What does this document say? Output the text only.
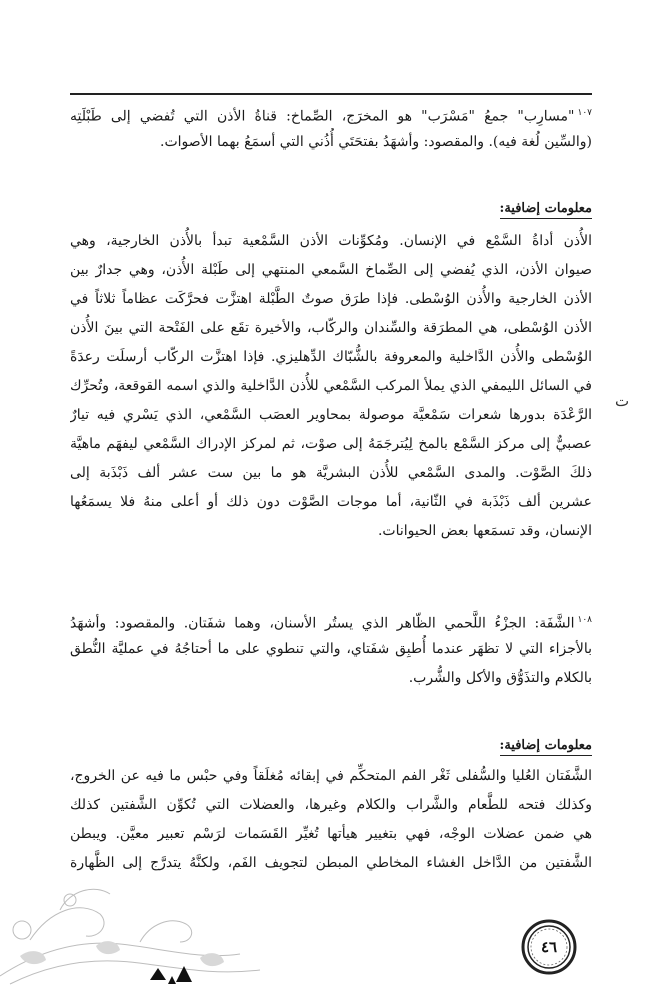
$^{١٠٧}$"مسارِب" جمعُ "مَسْرَب" هو المخرَج، الصِّماخ: قناةُ الأذن التي تُفضي إلى طَبْلَتِه
(والسِّين لُغة فيه). والمقصود: وأشهَدُ بفتحَتَي أُذُني التي أسمَعُ بهما الأصوات.
معلومات إضافية:
الأُذن أداةُ السَّمْع في الإنسان. ومُكوِّنات الأذن السَّمْعية تبدأ بالأُذن الخارجية، وهي
صيوان الأذن، الذي يُفضي إلى الصِّماخ السَّمعي المنتهي إلى طَبْلة الأُذن، وهي جدارٌ بين
الأذن الخارجية والأُذن الوُسْطى. فإذا طرَق صوتٌ الطَّبْلة اهتزَّت فحرَّكَت عظاماً ثلاثاً في
الأذن الوُسْطى، هي المطرَقة والسِّندان والركّاب، والأخيرة تقَع على الفَتْحة التي بينَ الأُذن
الوُسْطى والأُذن الدَّاخلية والمعروفة بالشُّبّاك الدِّهليزي. فإذا اهتزَّت الركّاب أرسلَت رعدَةً
في السائل الليمفي الذي يملأ المركب السَّمْعي للأُذن الدَّاخلية والذي اسمه القوقعة، وتُحرِّك
الرَّعْدَة بدورها شعرات سَمْعيَّة موصولة بمحاوير العصَب السَّمْعي، الذي يَسْري فيه تيارٌ
عصبيٌّ إلى مركز السَّمْع بالمخ لِيُترجَمَهُ إلى صوْت، ثم لمركز الإدراك السَّمْعي ليفهَم ماهيَّة
ذلكَ الصَّوْت. والمدى السَّمْعي للأُذن البشريَّة هو ما بين ست عشر ألف ذَبْذَبة إلى
عشرين ألف ذَبْذَبة في الثّانية، أما موجات الصَّوْت دون ذلك أو أعلى منهُ فلا يسمَعُها
الإنسان، وقد تسمَعها بعض الحيوانات.
ت
$^{١٠٨}$الشَّفَة: الجزْءُ اللَّحمي الظّاهر الذي يستُر الأسنان، وهما شفَتان. والمقصود: وأشهَدُ
بالأجزاء التي لا تظهَر عندما أُطبِق شفَتاي، والتي تنطوي على ما أحتاجُهُ في عمليَّة النُّطق
بالكلام والتذَوُّق والأكل والشُّرب.
معلومات إضافية:
الشَّفَتان العُليا والسُّفلى ثَغْر الفم المتحكِّم في إبقائه مُغلَقاً وفي حبْس ما فيه عن الخروج،
وكذلك فتحه للطَّعام والشَّراب والكلام وغيرها، والعضلات التي تُكوِّن الشَّفتين كذلك
هي ضمن عضلات الوجْه، فهي بتغيير هيأتها تُغيِّر القَسَمات لرَسْم تعبير معيَّن. ويبطن
الشَّفتين من الدَّاخل الغشاء المخاطي المبطن لتجويف الفَم، ولكنَّهُ يتدرَّج إلى الظَّهارة
٤٦
